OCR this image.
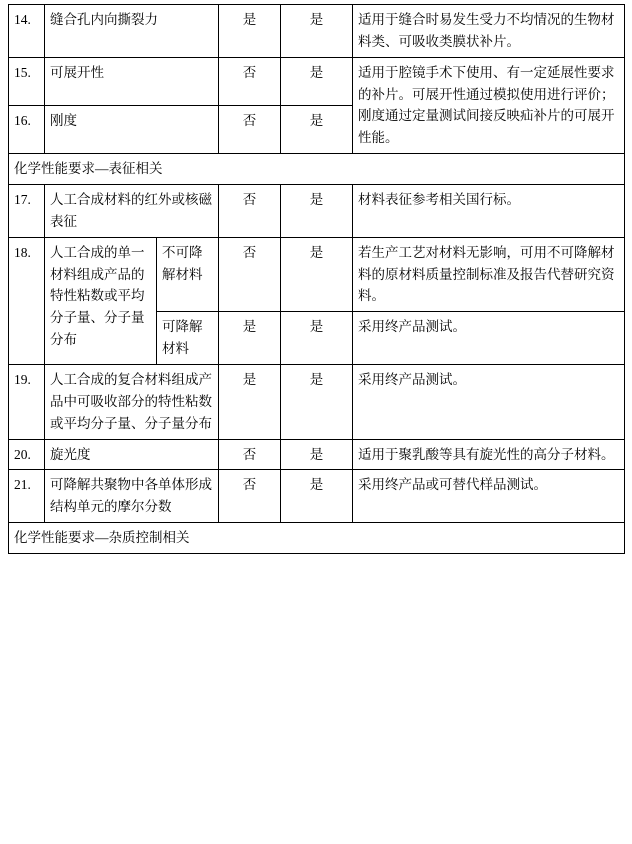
14.	缝合孔内向撕裂力		是	是	适用于缝合时易发生受力不均情况的生物材料类、可吸收类膜状补片。
15.	可展开性		否	是	适用于腔镜手术下使用、有一定延展性要求的补片。可展开性通过模拟使用进行评价；刚度通过定量测试间接反映疝补片的可展开性能。
16.	刚度		否	是	
化学性能要求—表征相关					
17.	人工合成材料的红外或核磁表征		否	是	材料表征参考相关国行标。
18.	人工合成的单一材料组成产品的特性粘数或平均分子量、分子量分布	不可降解材料	否	是	若生产工艺对材料无影响，可用不可降解材料的原材料质量控制标准及报告代替研究资料。
		可降解材料	是	是	采用终产品测试。
19.	人工合成的复合材料组成产品中可吸收部分的特性粘数或平均分子量、分子量分布		是	是	采用终产品测试。
20.	旋光度		否	是	适用于聚乳酸等具有旋光性的高分子材料。
21.	可降解共聚物中各单体形成结构单元的摩尔分数		否	是	采用终产品或可替代样品测试。
化学性能要求—杂质控制相关					
